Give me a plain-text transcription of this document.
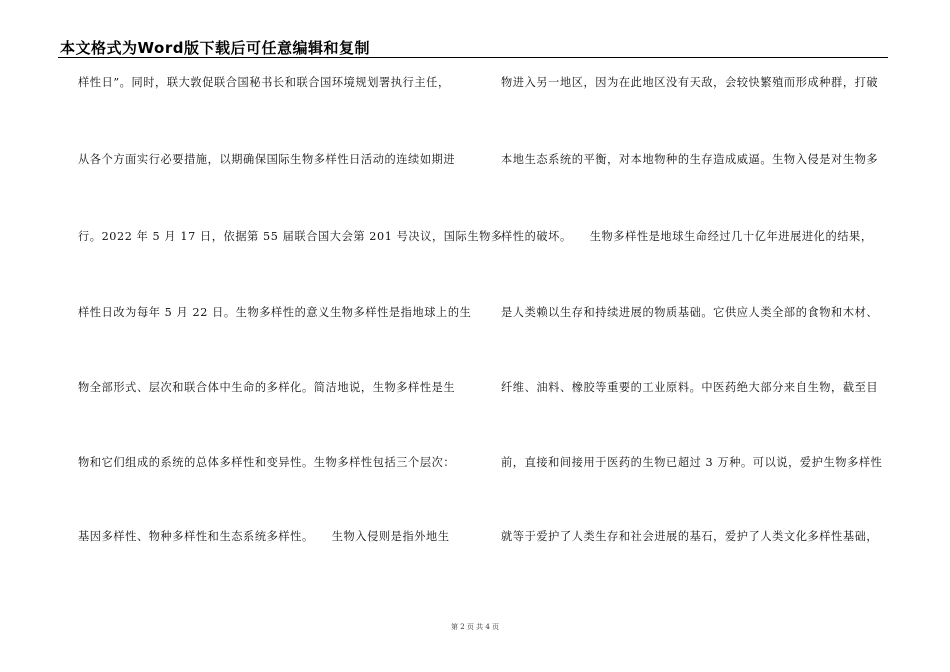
本文格式为Word版下载后可任意编辑和复制
样性日”。同时，联大敦促联合国秘书长和联合国环境规划署执行主任，
从各个方面实行必要措施，以期确保国际生物多样性日活动的连续如期进
行。2022 年 5 月 17 日，依据第 55 届联合国大会第 201 号决议，国际生物多
样性日改为每年 5 月 22 日。生物多样性的意义生物多样性是指地球上的生
物全部形式、层次和联合体中生命的多样化。简洁地说，生物多样性是生
物和它们组成的系统的总体多样性和变异性。生物多样性包括三个层次：
基因多样性、物种多样性和生态系统多样性。　　生物入侵则是指外地生
物进入另一地区，因为在此地区没有天敌，会较快繁殖而形成种群，打破
本地生态系统的平衡，对本地物种的生存造成威逼。生物入侵是对生物多
样性的破坏。　　生物多样性是地球生命经过几十亿年进展进化的结果，
是人类赖以生存和持续进展的物质基础。它供应人类全部的食物和木材、
纤维、油料、橡胶等重要的工业原料。中医药绝大部分来自生物，截至目
前，直接和间接用于医药的生物已超过 3 万种。可以说，爱护生物多样性
就等于爱护了人类生存和社会进展的基石，爱护了人类文化多样性基础，
第 2 页 共 4 页
